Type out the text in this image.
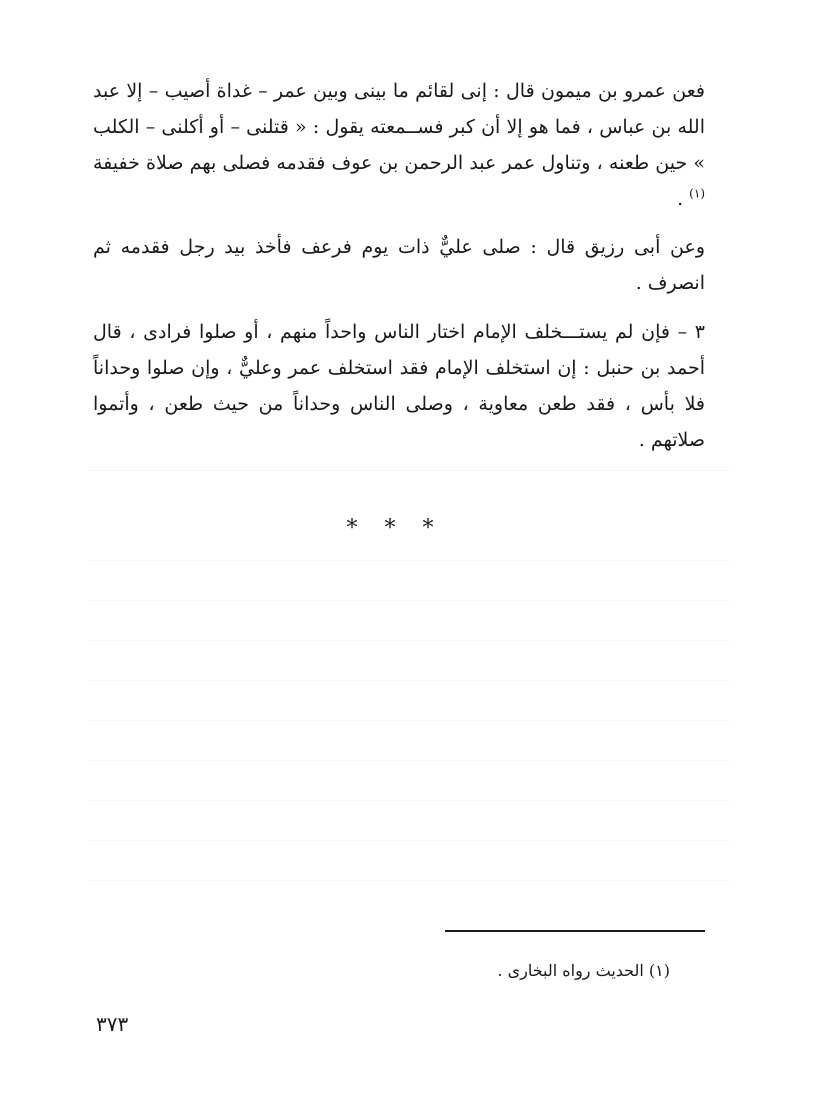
فعن عمرو بن ميمون قال : إنى لقائم ما بينى وبين عمر – غداة أصيب – إلا عبد الله بن عباس ، فما هو إلا أن كبر فســمعته يقول : « قتلنى – أو أكلنى – الكلب » حين طعنه ، وتناول عمر عبد الرحمن بن عوف فقدمه فصلى بهم صلاة خفيفة $^{(١)}$ .

وعن أبى رزيق قال : صلى عليٌّ ذات يوم فرعف فأخذ بيد رجل فقدمه ثم انصرف .

٣ – فإن لم يستـــخلف الإمام اختار الناس واحداً منهم ، أو صلوا فرادى ، قال أحمد بن حنبل : إن استخلف الإمام فقد استخلف عمر وعليٌّ ، وإن صلوا وحداناً فلا بأس ، فقد طعن معاوية ، وصلى الناس وحداناً من حيث طعن ، وأتموا صلاتهم .

* * *
(١) الحديث رواه البخارى .
٣٧٣
